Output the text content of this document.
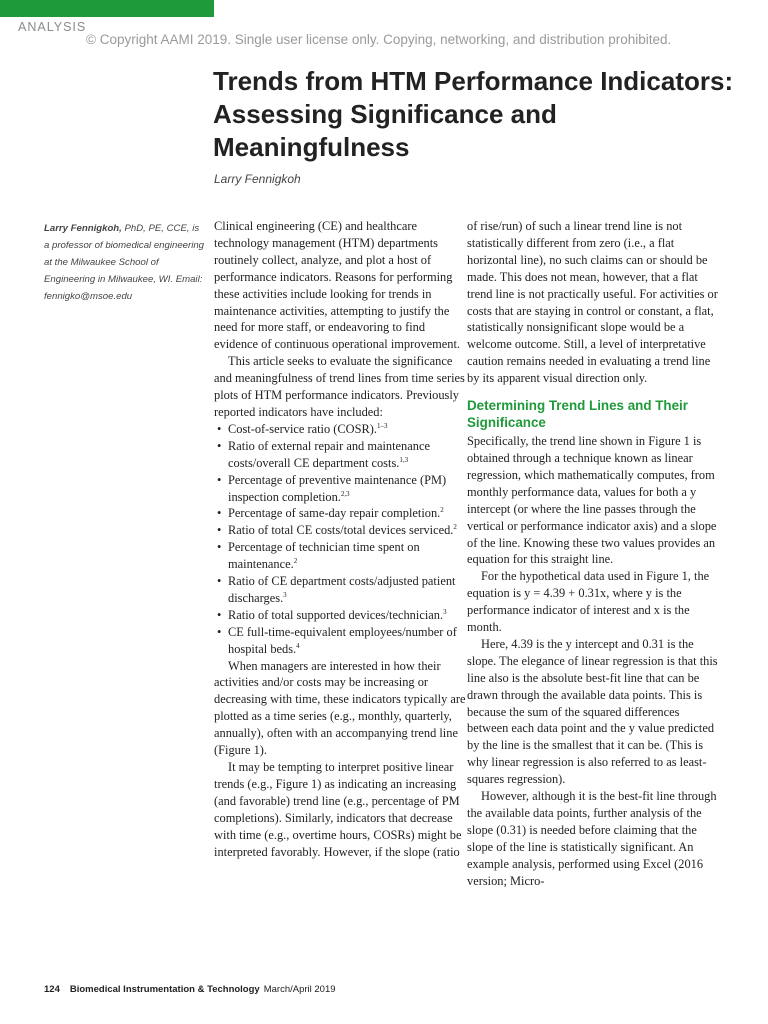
ANALYSIS
© Copyright AAMI 2019. Single user license only. Copying, networking, and distribution prohibited.
Trends from HTM Performance Indicators: Assessing Significance and Meaningfulness
Larry Fennigkoh
Larry Fennigkoh, PhD, PE, CCE, is a professor of biomedical engineering at the Milwaukee School of Engineering in Milwaukee, WI. Email: fennigko@msoe.edu

Clinical engineering (CE) and healthcare technology management (HTM) departments routinely collect, analyze, and plot a host of performance indicators. Reasons for performing these activities include looking for trends in maintenance activities, attempting to justify the need for more staff, or endeavoring to find evidence of continuous operational improvement.

This article seeks to evaluate the significance and meaningfulness of trend lines from time series plots of HTM performance indicators. Previously reported indicators have included:

• Cost-of-service ratio (COSR).$^{1-3}$
• Ratio of external repair and maintenance costs/overall CE department costs.$^{1,3}$
• Percentage of preventive maintenance (PM) inspection completion.$^{2,3}$
• Percentage of same-day repair completion.$^2$
• Ratio of total CE costs/total devices serviced.$^2$
• Percentage of technician time spent on maintenance.$^2$
• Ratio of CE department costs/adjusted patient discharges.$^3$
• Ratio of total supported devices/technician.$^3$
• CE full-time-equivalent employees/number of hospital beds.$^4$

When managers are interested in how their activities and/or costs may be increasing or decreasing with time, these indicators typically are plotted as a time series (e.g., monthly, quarterly, annually), often with an accompanying trend line (Figure 1).

It may be tempting to interpret positive linear trends (e.g., Figure 1) as indicating an increasing (and favorable) trend line (e.g., percentage of PM completions). Similarly, indicators that decrease with time (e.g., overtime hours, COSRs) might be interpreted favorably. However, if the slope (ratio

of rise/run) of such a linear trend line is not statistically different from zero (i.e., a flat horizontal line), no such claims can or should be made. This does not mean, however, that a flat trend line is not practically useful. For activities or costs that are staying in control or constant, a flat, statistically nonsignificant slope would be a welcome outcome. Still, a level of interpretative caution remains needed in evaluating a trend line by its apparent visual direction only.

Determining Trend Lines and Their Significance

Specifically, the trend line shown in Figure 1 is obtained through a technique known as linear regression, which mathematically computes, from monthly performance data, values for both a y intercept (or where the line passes through the vertical or performance indicator axis) and a slope of the line. Knowing these two values provides an equation for this straight line.

For the hypothetical data used in Figure 1, the equation is y = 4.39 + 0.31x, where y is the performance indicator of interest and x is the month.

Here, 4.39 is the y intercept and 0.31 is the slope. The elegance of linear regression is that this line also is the absolute best-fit line that can be drawn through the available data points. This is because the sum of the squared differences between each data point and the y value predicted by the line is the smallest that it can be. (This is why linear regression is also referred to as least-squares regression).

However, although it is the best-fit line through the available data points, further analysis of the slope (0.31) is needed before claiming that the slope of the line is statistically significant. An example analysis, performed using Excel (2016 version; Micro-

124 Biomedical Instrumentation & Technology March/April 2019
